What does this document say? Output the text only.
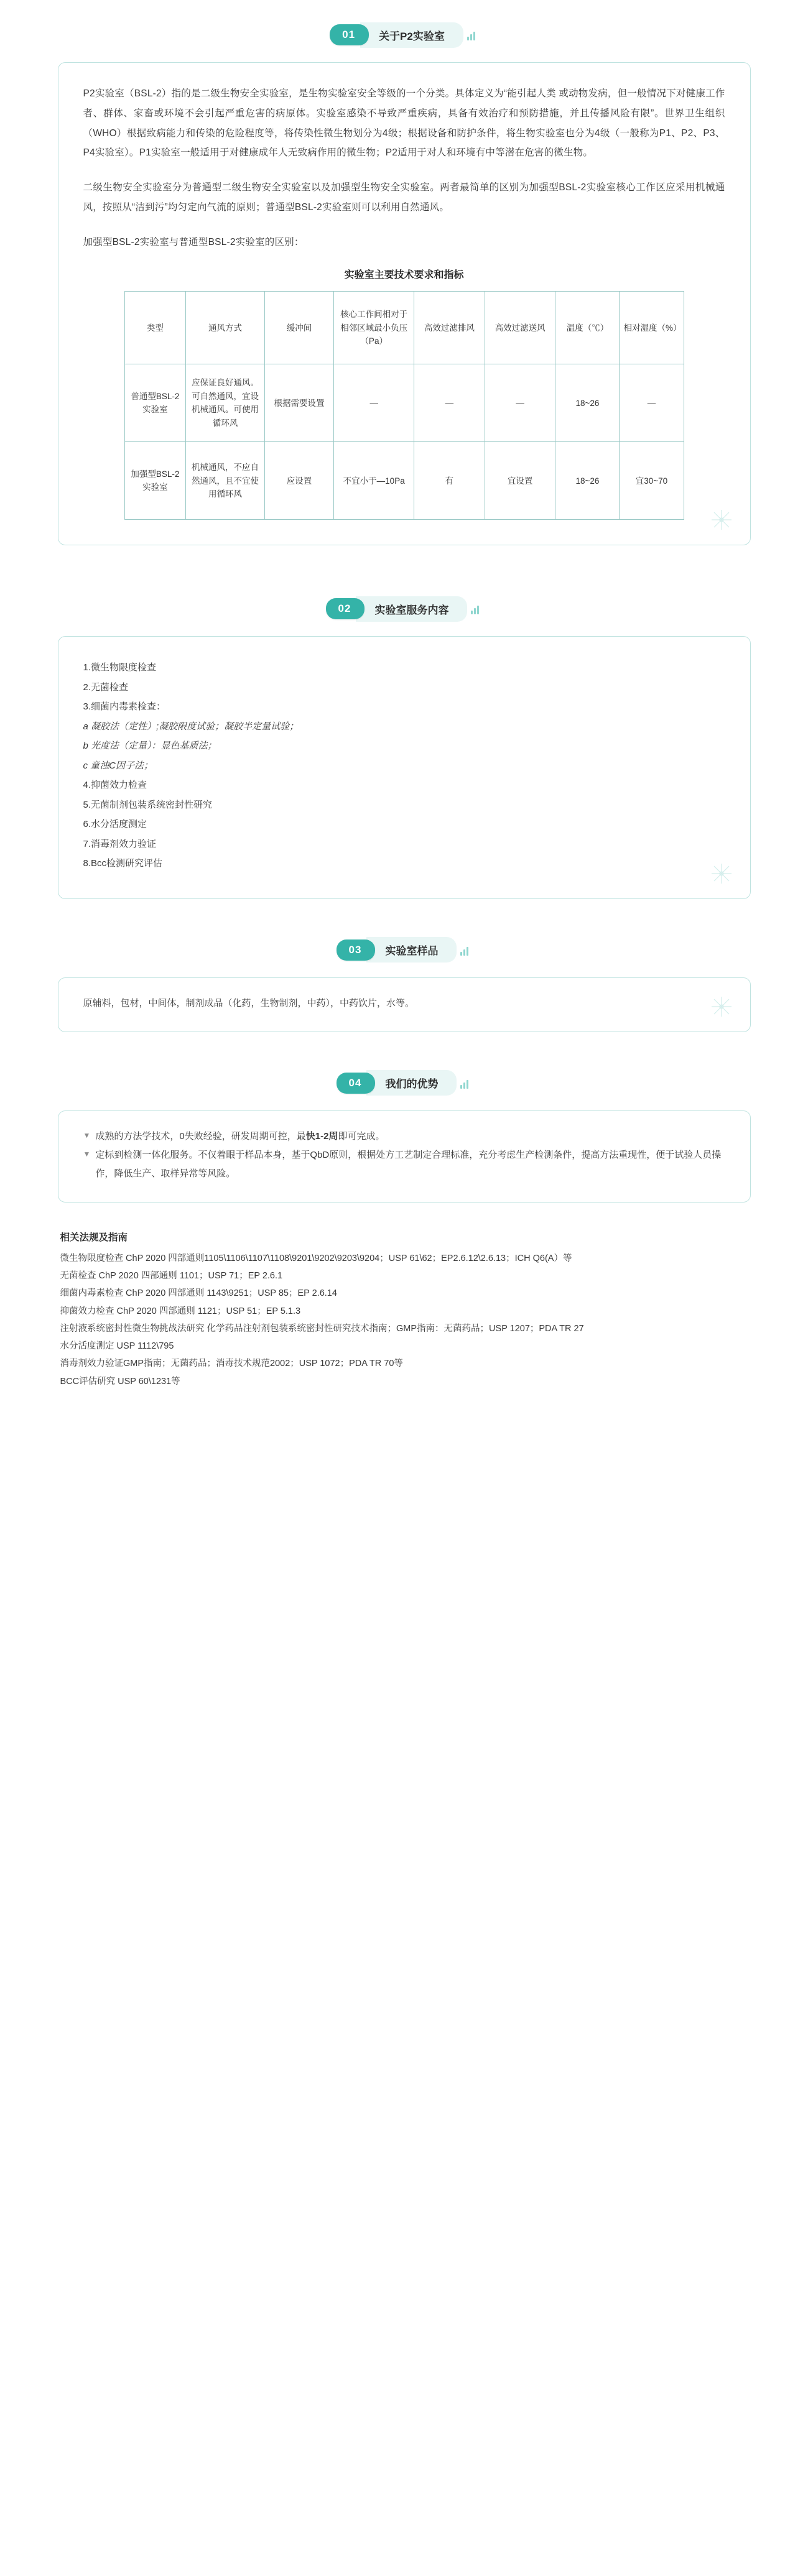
01	关于P2实验室

P2实验室（BSL-2）指的是二级生物安全实验室，是生物实验室安全等级的一个分类。具体定义为“能引起人类 或动物发病，但一般情况下对健康工作者、群体、家畜或环境不会引起严重危害的病原体。实验室感染不导致严重疾病，具备有效治疗和预防措施，并且传播风险有限”。世界卫生组织（WHO）根据致病能力和传染的危险程度等，将传染性微生物划分为4级；根据设备和防护条件，将生物实验室也分为4级（一般称为P1、P2、P3、P4实验室）。P1实验室一般适用于对健康成年人无致病作用的微生物；P2适用于对人和环境有中等潜在危害的微生物。

二级生物安全实验室分为普通型二级生物安全实验室以及加强型生物安全实验室。两者最简单的区别为加强型BSL-2实验室核心工作区应采用机械通风，按照从“洁到污”均匀定向气流的原则；普通型BSL-2实验室则可以利用自然通风。

加强型BSL-2实验室与普通型BSL-2实验室的区别：

实验室主要技术要求和指标
类型	通风方式	缓冲间	核心工作间相对于相邻区域最小负压（Pa）	高效过滤排风	高效过滤送风	温度（℃）	相对湿度（%）
普通型BSL-2实验室	应保证良好通风。可自然通风，宜设机械通风。可使用循环风	根据需要设置	—	—	—	18~26	—
加强型BSL-2实验室	机械通风，不应自然通风，且不宜使用循环风	应设置	不宜小于—10Pa	有	宜设置	18~26	宜30~70
02	实验室服务内容
1.微生物限度检查
2.无菌检查
3.细菌内毒素检查：
a 凝胶法（定性）;凝胶限度试验；凝胶半定量试验；
b 光度法（定量）：显色基质法；
c 童浊C因子法；
4.抑菌效力检查
5.无菌制剂包装系统密封性研究
6.水分活度测定
7.消毒剂效力验证
8.Bcc检测研究评估
03	实验室样品
原辅料，包材，中间体，制剂成品（化药，生物制剂，中药），中药饮片，水等。
04	我们的优势
▼ 成熟的方法学技术，0失败经验，研发周期可控，最快1-2周即可完成。
▼ 定标到检测一体化服务。不仅着眼于样品本身，基于QbD原则，根据处方工艺制定合理标准，充分考虑生产检测条件，提高方法重现性，便于试验人员操作，降低生产、取样异常等风险。
相关法规及指南
微生物限度检查 ChP 2020 四部通则1105\1106\1107\1108\9201\9202\9203\9204；USP 61\62；EP2.6.12\2.6.13；ICH Q6(A）等
无菌检查 ChP 2020 四部通则 1101；USP 71；EP 2.6.1
细菌内毒素检查 ChP 2020 四部通则 1143\9251；USP 85；EP 2.6.14
抑菌效力检查 ChP 2020 四部通则 1121；USP 51；EP 5.1.3
注射液系统密封性微生物挑战法研究 化学药品注射剂包装系统密封性研究技术指南；GMP指南：无菌药品；USP 1207；PDA TR 27
水分活度测定 USP 1112\795
消毒剂效力验证GMP指南；无菌药品；消毒技术规范2002；USP 1072；PDA TR 70等
BCC评估研究 USP 60\1231等
